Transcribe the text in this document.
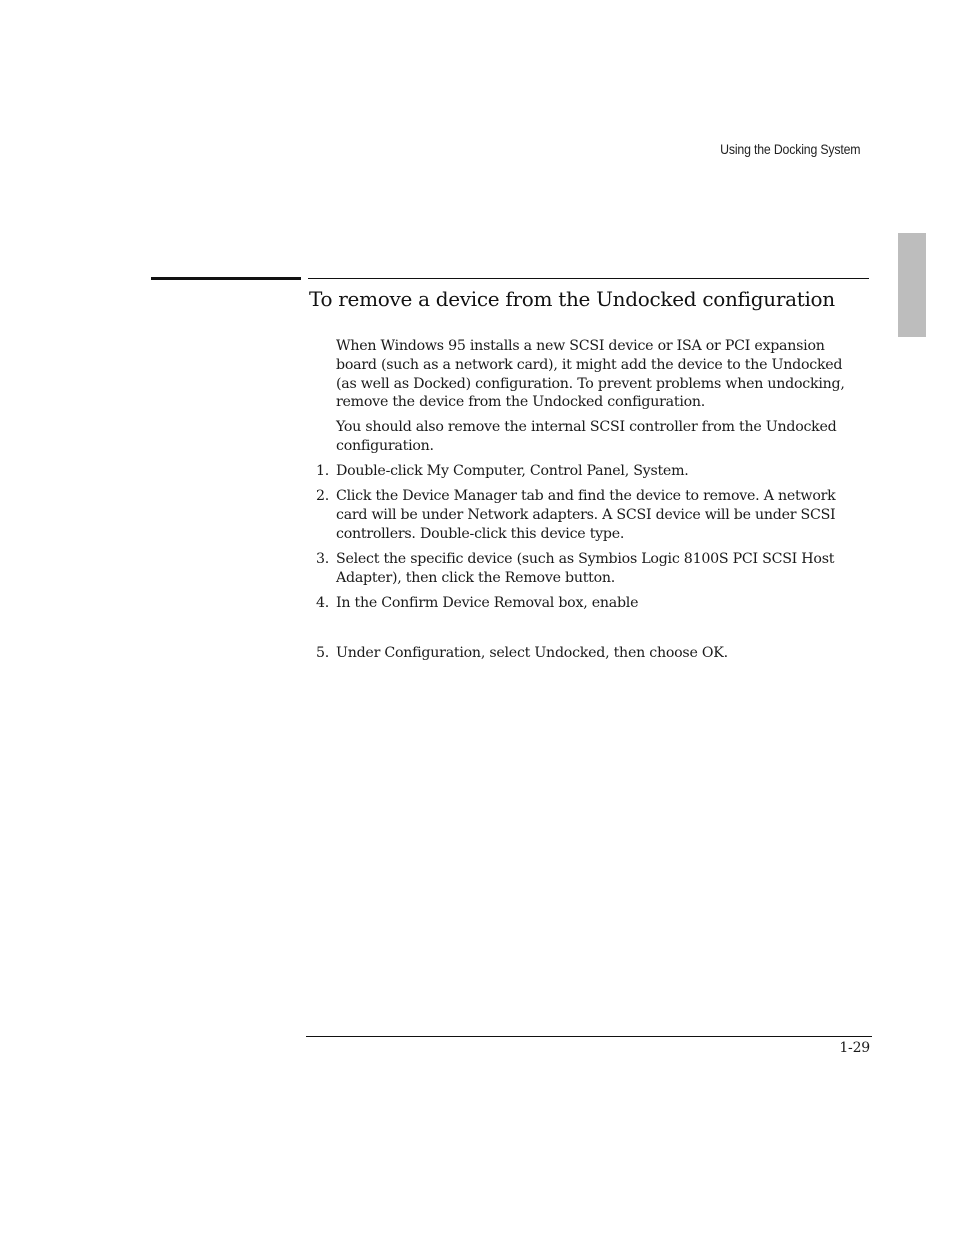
Using the Docking System
To remove a device from the Undocked configuration

When Windows 95 installs a new SCSI device or ISA or PCI expansion board (such as a network card), it might add the device to the Undocked (as well as Docked) configuration. To prevent problems when undocking, remove the device from the Undocked configuration.

You should also remove the internal SCSI controller from the Undocked configuration.

1. Double-click My Computer, Control Panel, System.
2. Click the Device Manager tab and find the device to remove. A network card will be under Network adapters. A SCSI device will be under SCSI controllers. Double-click this device type.
3. Select the specific device (such as Symbios Logic 8100S PCI SCSI Host Adapter), then click the Remove button.
4. In the Confirm Device Removal box, enable
5. Under Configuration, select Undocked, then choose OK.
1-29
